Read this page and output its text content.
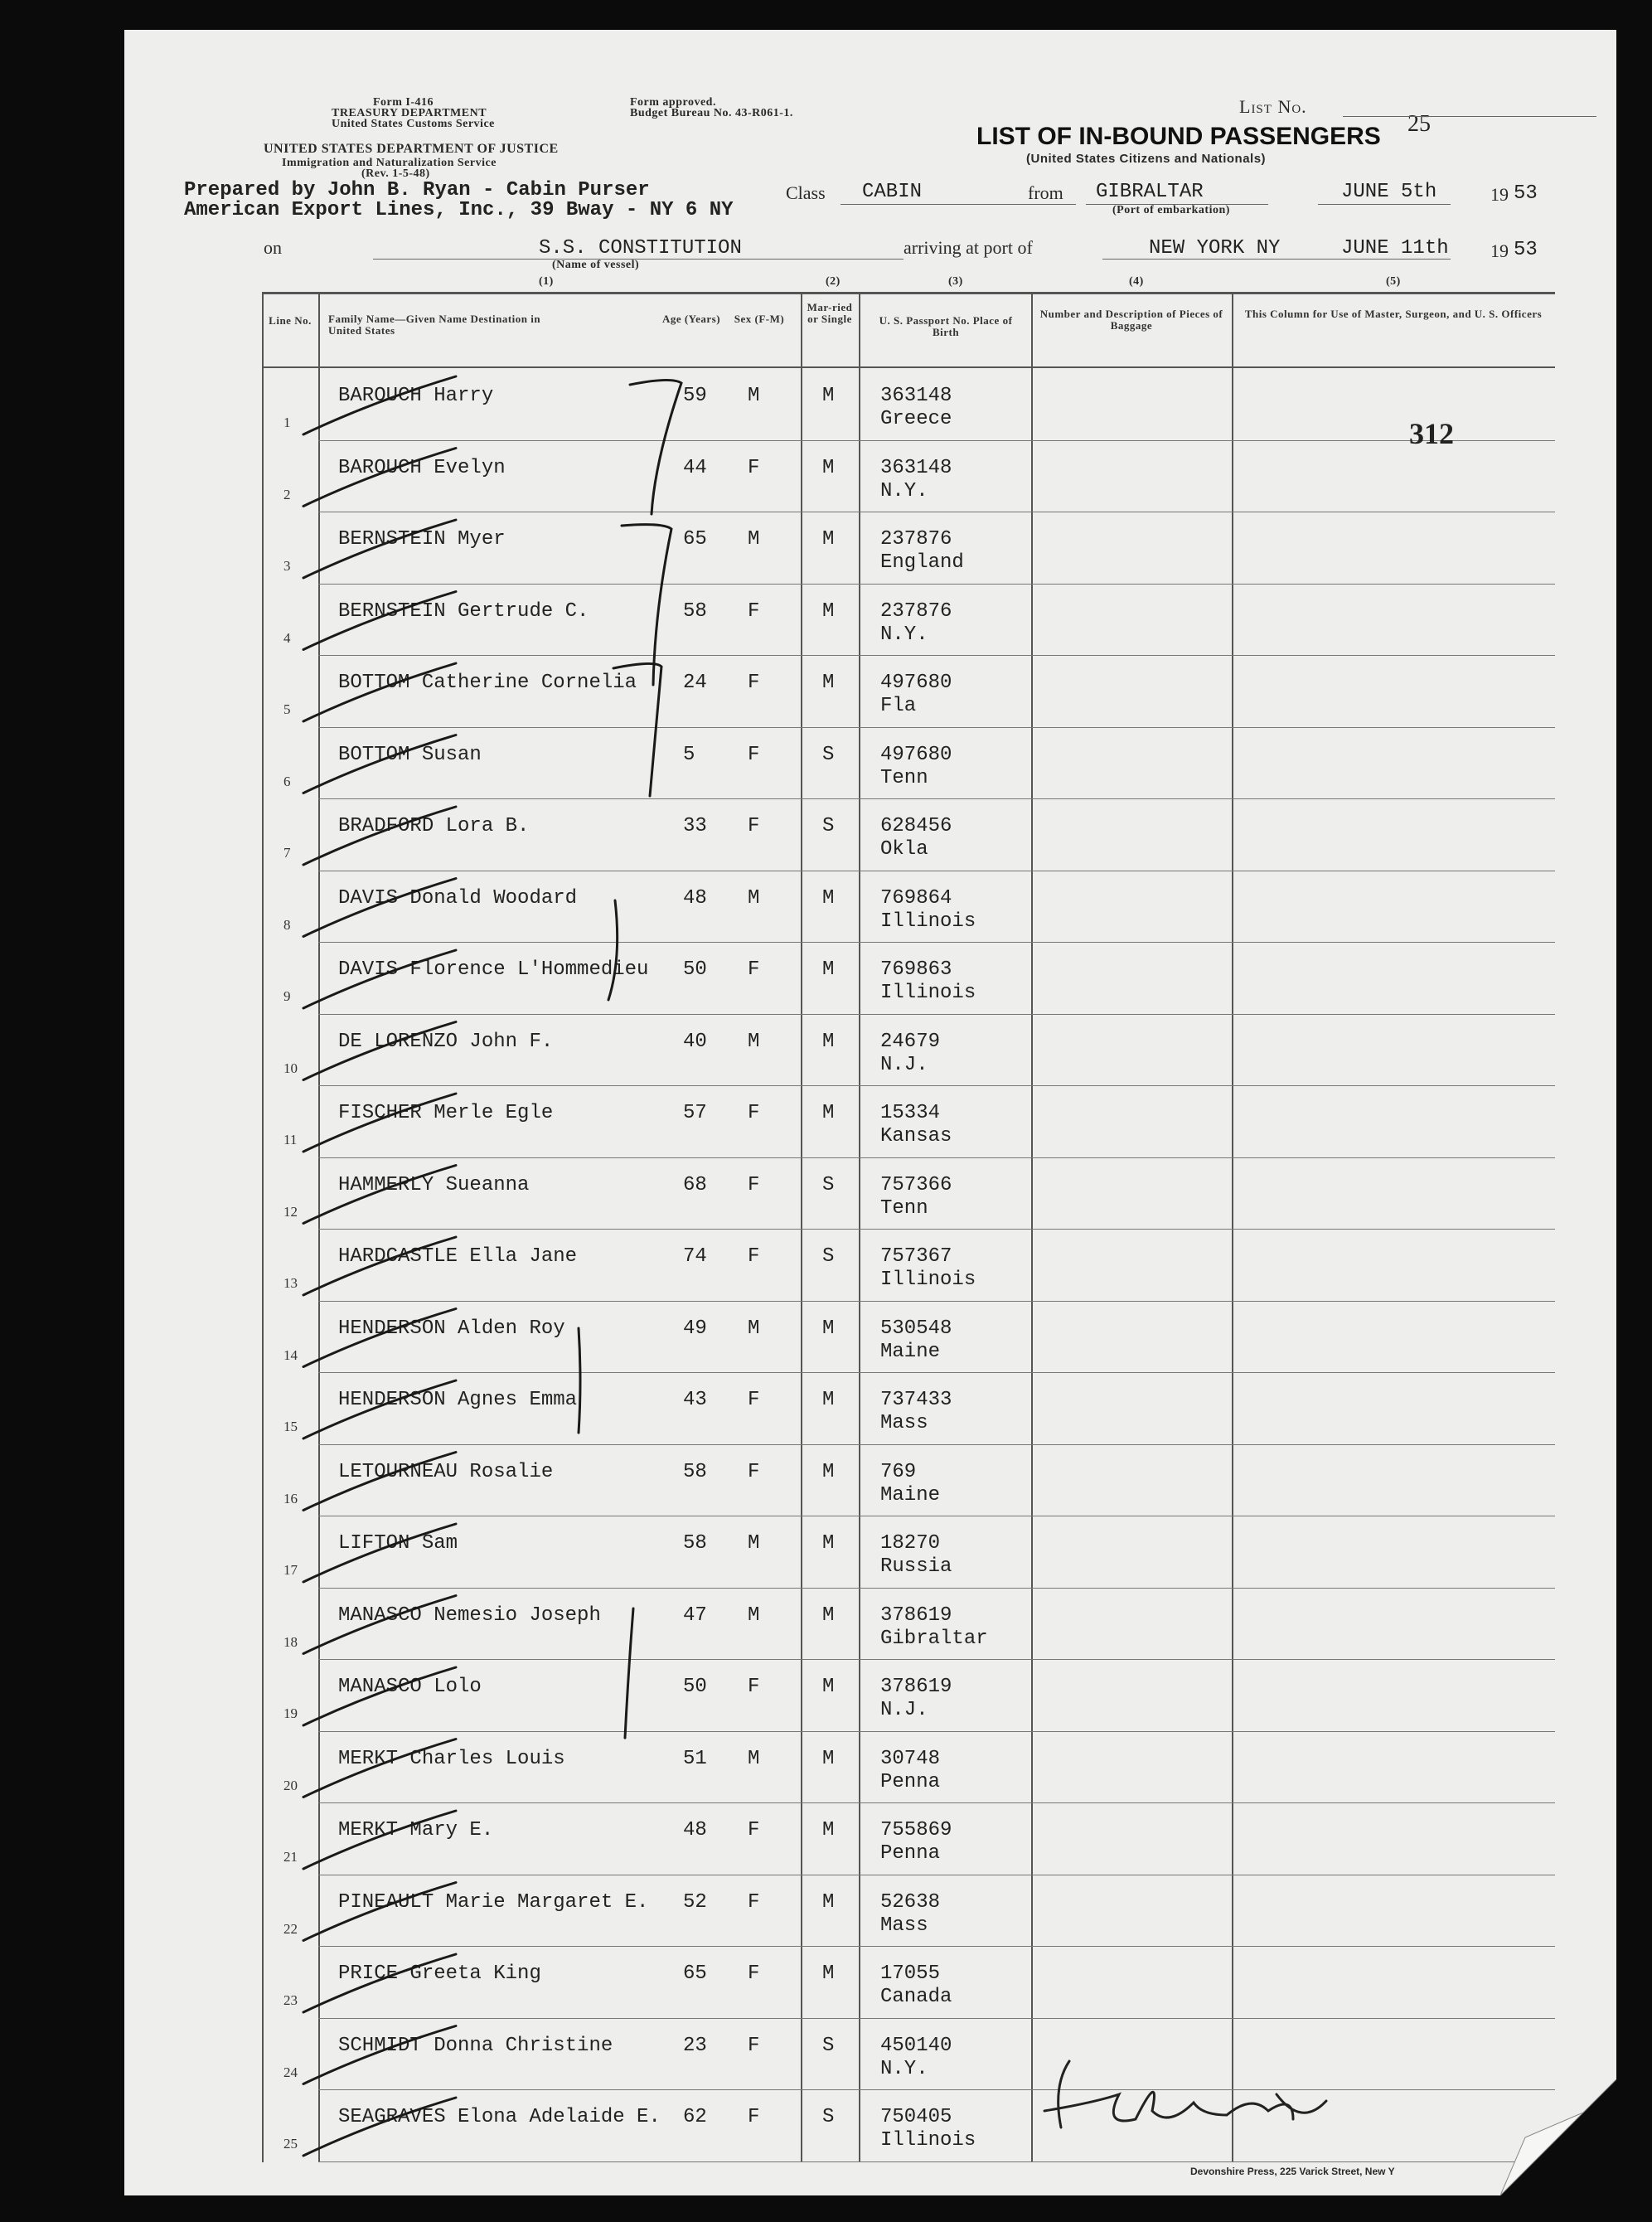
Form I-416
TREASURY DEPARTMENT
United States Customs Service
UNITED STATES DEPARTMENT OF JUSTICE
Immigration and Naturalization Service
(Rev. 1-5-48)
Form approved.
Budget Bureau No. 43-R061-1.	List No.
25
LIST OF IN-BOUND PASSENGERS
(United States Citizens and Nationals)
Prepared by John B. Ryan - Cabin Purser
American Export Lines, Inc., 39 Bway - NY 6 NY
Class CABIN	from GIBRALTAR
(Port of embarkation)
JUNE 5th	19 53
on	S.S. CONSTITUTION
(Name of vessel)
arriving at port of	NEW YORK NY	JUNE 11th 19 53
(1)	(2)	(3)	(4)	(5)
Line No.	Family Name—Given Name Destination in United States
Age (Years) Sex (F-M)
Mar-ried or Single	U. S. Passport No. Place of Birth
Number and Description of Pieces of Baggage
This Column for Use of Master, Surgeon, and U. S. Officers
1
BAROUCH Harry	59 M	M 363148
Greece
2
BAROUCH Evelyn	44 F	M 363148
N.Y.
3
BERNSTEIN Myer	65 M	M 237876
England
4
BERNSTEIN Gertrude C.	58 F	M 237876
N.Y.
5
BOTTOM Catherine Cornelia 24 F	M 497680
Fla
6
BOTTOM Susan	5	F	S 497680
Tenn
7
BRADFORD Lora B.	33 F	S 628456
Okla
8
DAVIS Donald Woodard	48 M	M 769864
Illinois
9
DAVIS Florence L'Hommedieu 50 F	M 769863
Illinois
10
DE LORENZO John F.	40 M	M 24679
N.J.
11
FISCHER Merle Egle	57 F	M 15334
Kansas
12
HAMMERLY Sueanna	68 F	S 757366
Tenn
13
HARDCASTLE Ella Jane	74 F	S 757367
Illinois
14
HENDERSON Alden Roy	49 M	M 530548
Maine
15
HENDERSON Agnes Emma	43 F	M 737433
Mass
16
LETOURNEAU Rosalie	58 F	M 769
Maine
17
LIFTON Sam	58 M	M 18270
Russia
18
MANASCO Nemesio Joseph	47 M	M 378619
Gibraltar
19
MANASCO Lolo	50 F	M 378619
N.J.
20
MERKT Charles Louis	51 M	M 30748
Penna
21
MERKT Mary E.	48 F	M 755869
Penna
22
PINEAULT Marie Margaret E. 52 F	M 52638
Mass
23
PRICE Greeta King	65 F	M 17055
Canada
24
SCHMIDT Donna Christine	23 F	S 450140
N.Y.
25
SEAGRAVES Elona Adelaide E. 62 F	S 750405
Illinois
312
Devonshire Press, 225 Varick Street, New Y
